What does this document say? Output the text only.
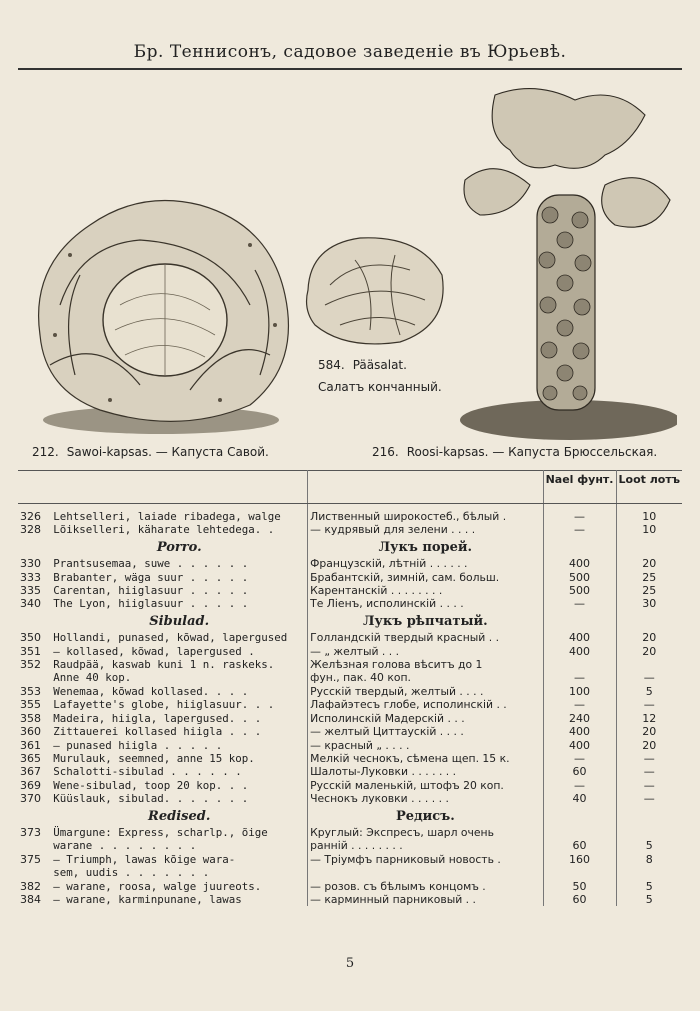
Бр. Теннисонъ, садовое заведеніе въ Юрьевѣ.
212. Sawoi-kapsas. — Капуста Савой.
584. Pääsalat.
Салатъ кончанный.
216. Roosi-kapsas. — Капуста Брюссельская.
			Nael фунт.	Loot лотъ

326	Lehtselleri, laiade ribadega, walge	Лиственный широкостеб., бѣлый .	—	10
328	Lõikselleri, käharate lehtedega. .	— кудрявый для зелени . . . .	—	10
	Porro.	Лукъ порей.		
330	Prantsusemaa, suwe . . . . . .	Французскій, лѣтній . . . . . .	400	20
333	Brabanter, wäga suur . . . . .	Брабантскій, зимній, сам. больш.	500	25
335	Carentan, hiiglasuur . . . . .	Карентанскій . . . . . . . .	500	25
340	The Lyon, hiiglasuur . . . . .	Те Ліенъ, исполинскій . . . .	—	30
	Sibulad.	Лукъ рѣпчатый.		
350	Hollandi, punased, kõwad, lapergused	Голландскій твердый красный . .	400	20
351	— kollased, kõwad, lapergused .	— „ желтый . . .	400	20
352	Raudpää, kaswab kuni 1 n. raskeks.	Желѣзная голова вѣситъ до 1		
	Anne 40 kop.	фун., пак. 40 коп.	—	—
353	Wenemaa, kõwad kollased. . . .	Русскій твердый, желтый . . . .	100	5
355	Lafayette's globe, hiiglasuur. . .	Лафайэтесъ глобе, исполинскій . .	—	—
358	Madeira, hiigla, lapergused. . .	Исполинскій Мадерскій . . .	240	12
360	Zittauerei kollased hiigla . . .	— желтый Циттаускій . . . .	400	20
361	— punased hiigla . . . . .	— красный „ . . . .	400	20
365	Murulauk, seemned, anne 15 kop.	Мелкій чеснокъ, сѣмена щеп. 15 к.	—	—
367	Schalotti-sibulad . . . . . .	Шалоты-Луковки . . . . . . .	60	—
369	Wene-sibulad, toop 20 kop. . .	Русскій маленькій, штофъ 20 коп.	—	—
370	Küüslauk, sibulad. . . . . . .	Чеснокъ луковки . . . . . .	40	—
	Redised.	Редисъ.		
373	Ümargune: Express, scharlp., õige	Круглый: Экспресъ, шарл очень		
	warane . . . . . . . .	ранній . . . . . . . .	60	5
375	— Triumph, lawas kõige wara-	— Тріумфъ парниковый новость .	160	8
	sem, uudis . . . . . . .			
382	— warane, roosa, walge juureots.	— розов. съ бѣлымъ концомъ .	50	5
384	— warane, karminpunane, lawas	— карминный парниковый . .	60	5
5
